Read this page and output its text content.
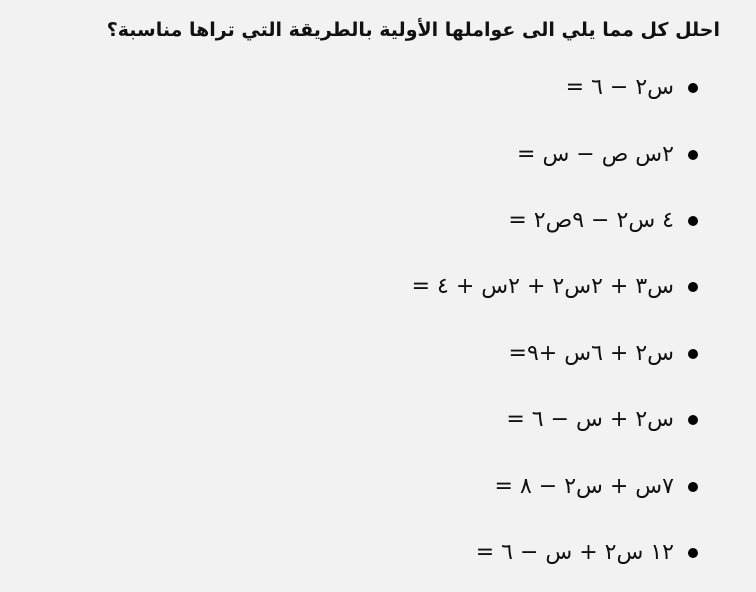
احلل كل مما يلي الى عواملها الأولية بالطريقة التي تراها مناسبة؟
س٢ − ٦ =
٢س ص − س =
٤ س٢ − ٩ص٢ =
س٣ + ٢س٢ + ٢س + ٤ =
س٢ + ٦س +٩=
س٢ + س − ٦ =
٧س + س٢ − ٨ =
١٢ س٢ + س − ٦ =
